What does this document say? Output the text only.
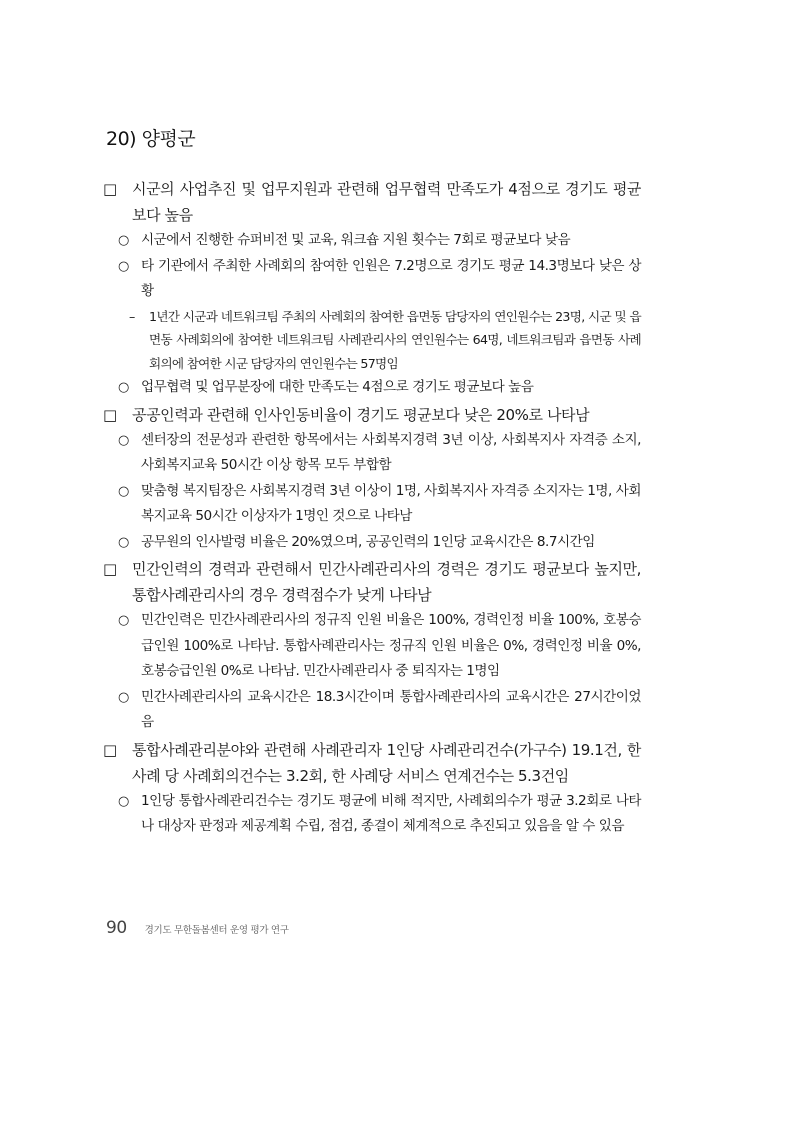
20) 양평군
□ 시군의 사업추진 및 업무지원과 관련해 업무협력 만족도가 4점으로 경기도 평균보다 높음
○ 시군에서 진행한 슈퍼비전 및 교육, 워크숍 지원 횟수는 7회로 평균보다 낮음
○ 타 기관에서 주최한 사례회의 참여한 인원은 7.2명으로 경기도 평균 14.3명보다 낮은 상황
–	1년간 시군과 네트워크팀 주최의 사례회의 참여한 읍면동 담당자의 연인원수는 23명, 시군 및 읍면동 사례회의에 참여한 네트워크팀 사례관리사의 연인원수는 64명, 네트워크팀과 읍면동 사례회의에 참여한 시군 담당자의 연인원수는 57명임
○ 업무협력 및 업무분장에 대한 만족도는 4점으로 경기도 평균보다 높음
□ 공공인력과 관련해 인사인동비율이 경기도 평균보다 낮은 20%로 나타남
○ 센터장의 전문성과 관련한 항목에서는 사회복지경력 3년 이상, 사회복지사 자격증 소지, 사회복지교육 50시간 이상 항목 모두 부합함
○ 맞춤형 복지팀장은 사회복지경력 3년 이상이 1명, 사회복지사 자격증 소지자는 1명, 사회복지교육 50시간 이상자가 1명인 것으로 나타남
○ 공무원의 인사발령 비율은 20%였으며, 공공인력의 1인당 교육시간은 8.7시간임
□ 민간인력의 경력과 관련해서 민간사례관리사의 경력은 경기도 평균보다 높지만, 통합사례관리사의 경우 경력점수가 낮게 나타남
○ 민간인력은 민간사례관리사의 정규직 인원 비율은 100%, 경력인정 비율 100%, 호봉승급인원 100%로 나타남. 통합사례관리사는 정규직 인원 비율은 0%, 경력인정 비율 0%, 호봉승급인원 0%로 나타남. 민간사례관리사 중 퇴직자는 1명임
○ 민간사례관리사의 교육시간은 18.3시간이며 통합사례관리사의 교육시간은 27시간이었음
□ 통합사례관리분야와 관련해 사례관리자 1인당 사례관리건수(가구수) 19.1건, 한 사례 당 사례회의건수는 3.2회, 한 사례당 서비스 연계건수는 5.3건임
○ 1인당 통합사례관리건수는 경기도 평균에 비해 적지만, 사례회의수가 평균 3.2회로 나타나 대상자 판정과 제공계획 수립, 점검, 종결이 체계적으로 추진되고 있음을 알 수 있음
90 경기도 무한돌봄센터 운영 평가 연구
